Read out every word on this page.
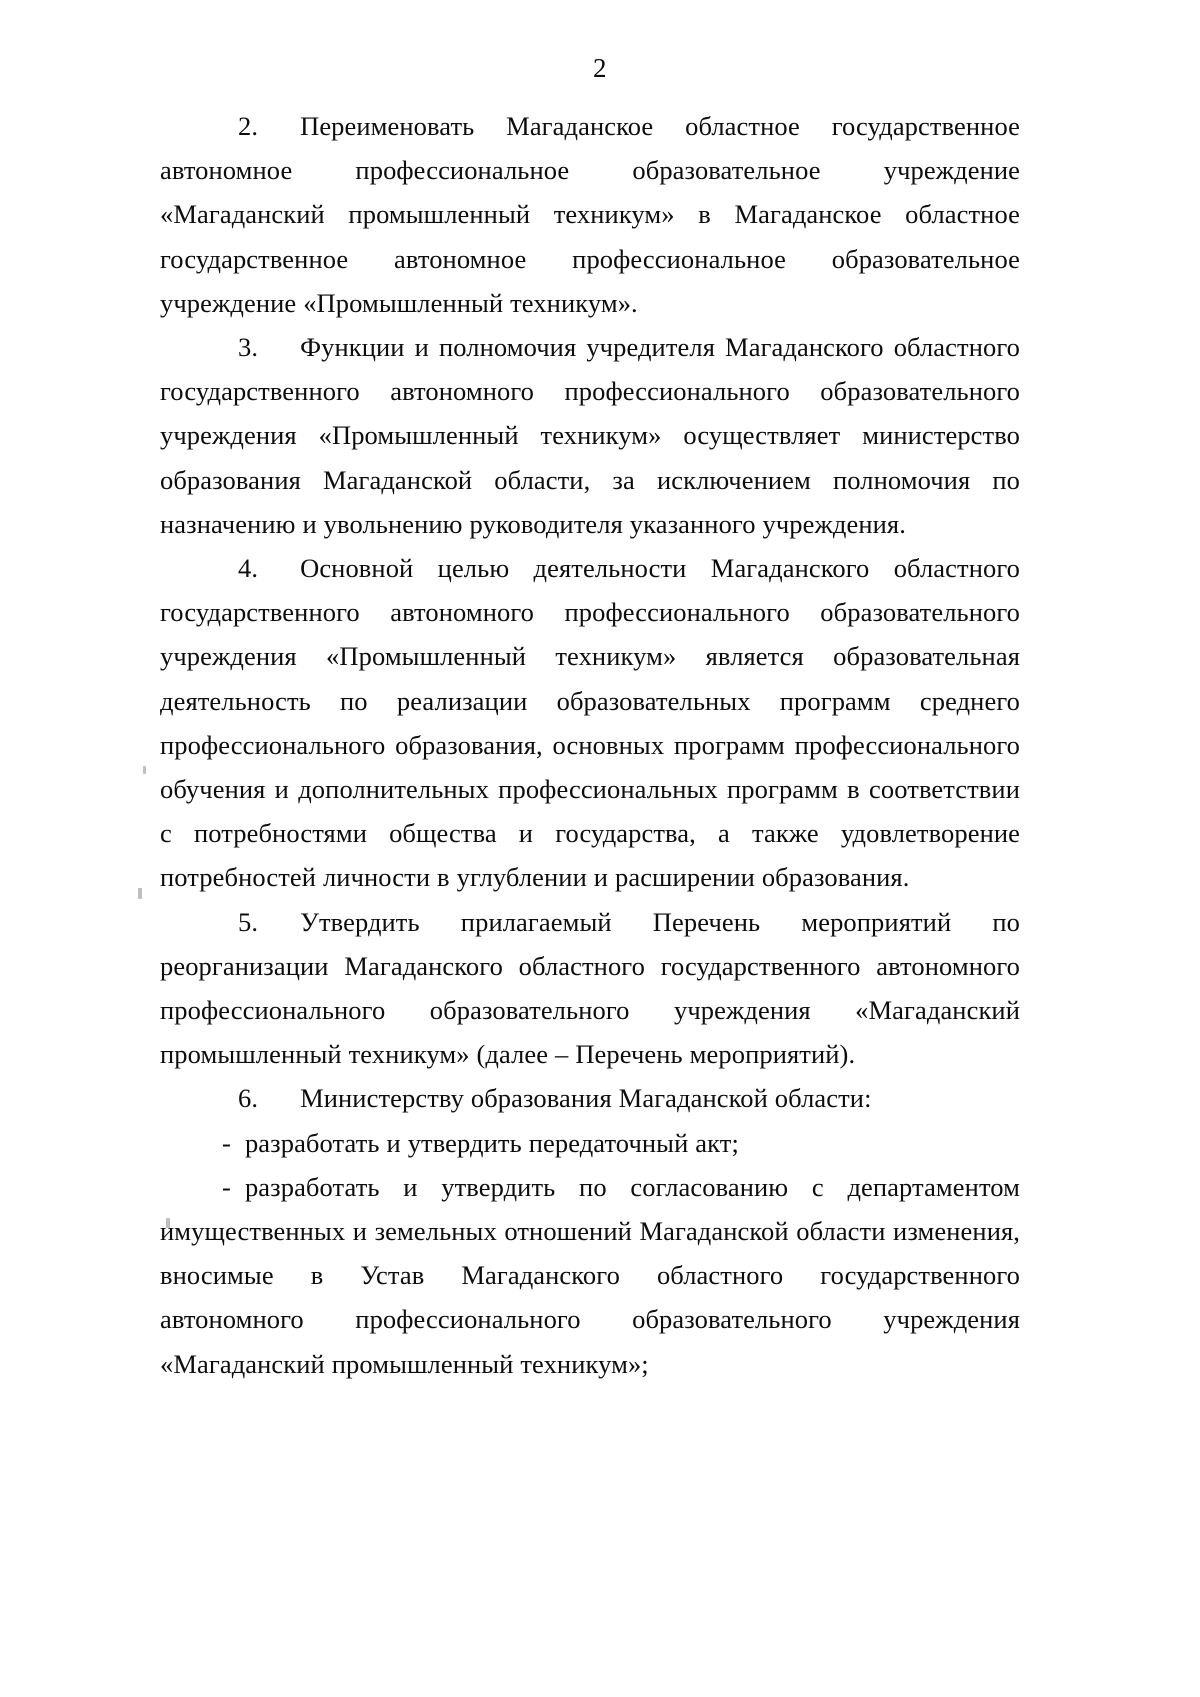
2

2. Переименовать Магаданское областное государственное автономное профессиональное образовательное учреждение «Магаданский промышленный техникум» в Магаданское областное государственное автономное профессиональное образовательное учреждение «Промышленный техникум».

3. Функции и полномочия учредителя Магаданского областного государственного автономного профессионального образовательного учреждения «Промышленный техникум» осуществляет министерство образования Магаданской области, за исключением полномочия по назначению и увольнению руководителя указанного учреждения.

4. Основной целью деятельности Магаданского областного государственного автономного профессионального образовательного учреждения «Промышленный техникум» является образовательная деятельность по реализации образовательных программ среднего профессионального образования, основных программ профессионального обучения и дополнительных профессиональных программ в соответствии с потребностями общества и государства, а также удовлетворение потребностей личности в углублении и расширении образования.

5. Утвердить прилагаемый Перечень мероприятий по реорганизации Магаданского областного государственного автономного профессионального образовательного учреждения «Магаданский промышленный техникум» (далее – Перечень мероприятий).

6. Министерству образования Магаданской области:

- разработать и утвердить передаточный акт;

- разработать и утвердить по согласованию с департаментом имущественных и земельных отношений Магаданской области изменения, вносимые в Устав Магаданского областного государственного автономного профессионального образовательного учреждения «Магаданский промышленный техникум»;
